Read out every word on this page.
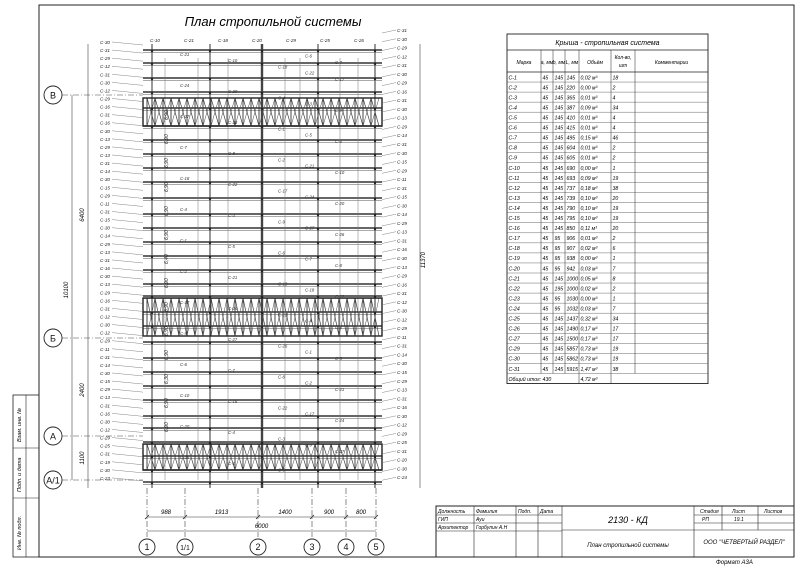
Взам. инв. №
Подп. и дата
Инв. № подл.
План стропильной системы
С-30
С-31
С-29
С-12
С-31
С-30
С-12
С-29
С-16
С-31
С-16
С-30
С-13
С-29
С-13
С-31
С-14
С-30
С-15
С-29
С-11
С-31
С-15
С-30
С-14
С-29
С-13
С-31
С-16
С-30
С-13
С-29
С-16
С-31
С-12
С-30
С-12
С-29
С-11
С-31
С-14
С-30
С-15
С-29
С-13
С-31
С-16
С-30
С-12
С-29
С-25
С-31
С-19
С-30
С-23
С-31
С-30
С-29
С-12
С-31
С-30
С-29
С-16
С-31
С-30
С-13
С-29
С-14
С-31
С-30
С-15
С-29
С-11
С-31
С-15
С-30
С-14
С-29
С-13
С-31
С-16
С-30
С-13
С-29
С-16
С-31
С-12
С-30
С-12
С-29
С-11
С-31
С-14
С-30
С-15
С-29
С-13
С-31
С-16
С-30
С-12
С-29
С-25
С-31
С-20
С-30
С-24
С-21
С-10
С-18
С-22
С-17
С-24
С-20
С-4
С-3
С-9
С-27
С-26
С-1
С-5
С-6
С-7
С-8
С-2
С-21
С-10
С-18
С-22
С-17
С-24
С-20
С-4
С-3
С-9
С-27
С-26
С-1
С-5
С-6
С-7
С-8
С-2
С-21
С-10
С-18
С-22
С-17
С-24
С-20
С-4
С-3
С-9
С-27
С-26
С-1
С-5
С-6
С-7
С-8
С-2
С-21
С-10
С-18
С-22
С-17
С-24
С-20
С-4
С-3
С-9
С-27
С-26
С-1
С-5
С-6
С-7
С-10	С-21	С-18	С-20	С-29	С-25	С-26
6,90
6,90
6,90
6,90
6,90
6,90
6,40
6,90
6,90
6,90
6,90
6,30
6,90
6,90
В
Б
А
А/1
6400
2400
1100
10100
11370
1	1/1	2	3	4	5
988	1913	1400	900	800
6000
Крыша - стропильная система
Марка a, мм b, мм L, мм Объём
Кол-во,
шт	Комментарии
С-1	45 145 145 0,02 м³	18
С-2	45 145 220 0,00 м³	2
С-3	45 145 365 0,01 м³	4
С-4	45 145 387 0,09 м³	34
С-5	45 145 410 0,01 м³	4
С-6	45 145 415 0,01 м³	4
С-7	45 145 495 0,15 м³	46
С-8	45 145 604 0,01 м³	2
С-9	45 145 605 0,01 м³	2
С-10	45 145 690 0,00 м³	1
С-11	45 145 693 0,09 м³	19
С-12	45 145 737 0,18 м³	38
С-13	45 145 739 0,10 м³	20
С-14	45 145 790 0,10 м³	19
С-15	45 145 795 0,10 м³	19
С-16	45 145 850 0,11 м³	20
С-17	45 95 906 0,01 м³	2
С-18	45 95 907 0,02 м³	6
С-19	45 95 938 0,00 м³	1
С-20	45 95 942 0,03 м³	7
С-21	45 145 1000 0,05 м³	8
С-22	45 195 1000 0,02 м³	2
С-23	45 95 1030 0,00 м³	1
С-24	45 95 1032 0,03 м³	7
С-25	45 145 1437 0,32 м³	34
С-26	45 145 1490 0,17 м³	17
С-27	45 145 1500 0,17 м³	17
С-29	45 145 5857 0,73 м³	19
С-30	45 145 5862 0,73 м³	19
С-31	45 145 5915 1,47 м³	38
Общий итог: 430	4,72 м³
Должность Фамилия	Подп. Дата
ГИП	Ауи
Архитектор Горбулин А.Н
2130 - КД
План стропильной системы
Стадия
РП
Лист
19.1
Листов
ООО "ЧЕТВЕРТЫЙ РАЗДЕЛ"
Формат А3А
